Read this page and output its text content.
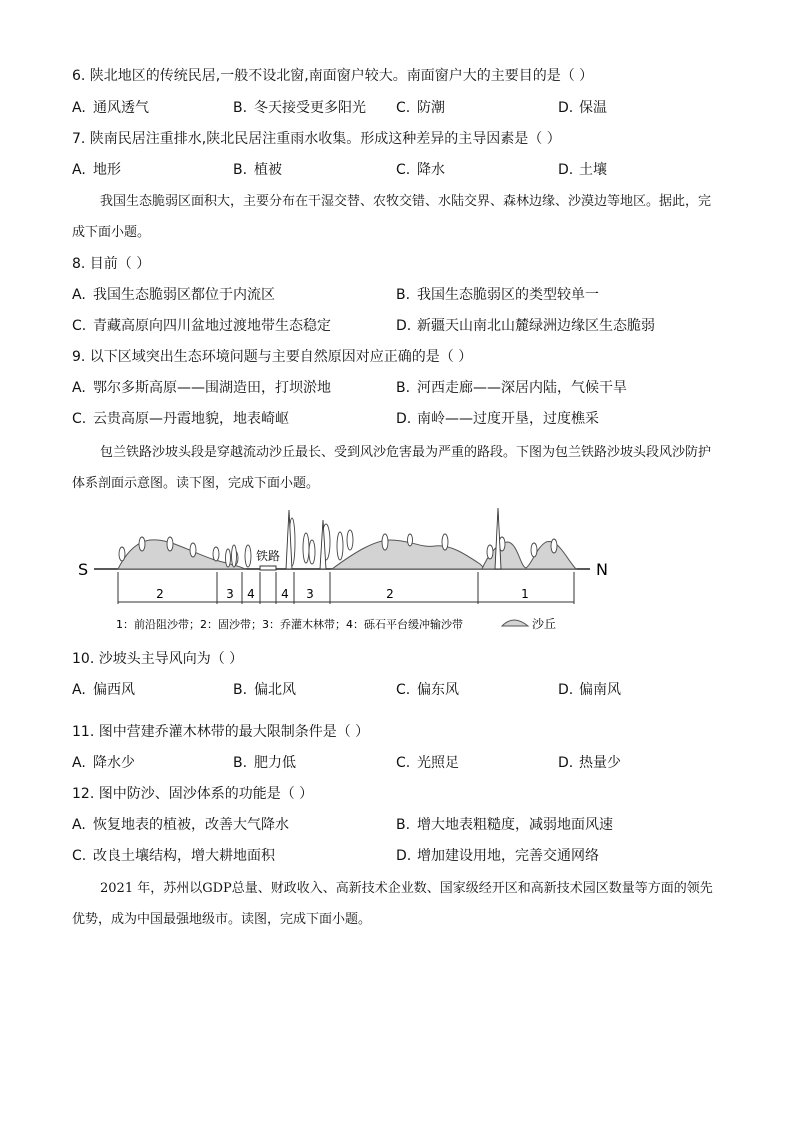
6. 陕北地区的传统民居,一般不设北窗,南面窗户较大。南面窗户大的主要目的是（ ）
A. 通风透气	B. 冬天接受更多阳光 C. 防潮	D. 保温
7. 陕南民居注重排水,陕北民居注重雨水收集。形成这种差异的主导因素是（ ）
A. 地形	B. 植被	C. 降水	D. 土壤
我国生态脆弱区面积大，主要分布在干湿交替、农牧交错、水陆交界、森林边缘、沙漠边等地区。据此，完成下面小题。
8. 目前（ ）
A. 我国生态脆弱区都位于内流区	B. 我国生态脆弱区的类型较单一
C. 青藏高原向四川盆地过渡地带生态稳定	D. 新疆天山南北山麓绿洲边缘区生态脆弱
9. 以下区域突出生态环境问题与主要自然原因对应正确的是（ ）
A. 鄂尔多斯高原——围湖造田，打坝淤地	B. 河西走廊——深居内陆，气候干旱
C. 云贵高原—丹霞地貌，地表崎岖	D. 南岭——过度开垦，过度樵采
包兰铁路沙坡头段是穿越流动沙丘最长、受到风沙危害最为严重的路段。下图为包兰铁路沙坡头段风沙防护体系剖面示意图。读下图，完成下面小题。
S	N
铁路
2	3 4 4 3	2	1
1：前沿阻沙带；2：固沙带；3：乔灌木林带；4：砾石平台缓冲输沙带	沙丘
10. 沙坡头主导风向为（ ）
A. 偏西风	B. 偏北风	C. 偏东风	D. 偏南风
11. 图中营建乔灌木林带的最大限制条件是（ ）
A. 降水少	B. 肥力低	C. 光照足	D. 热量少
12. 图中防沙、固沙体系的功能是（ ）
A. 恢复地表的植被，改善大气降水	B. 增大地表粗糙度，减弱地面风速
C. 改良土壤结构，增大耕地面积	D. 增加建设用地，完善交通网络
2021 年，苏州以GDP总量、财政收入、高新技术企业数、国家级经开区和高新技术园区数量等方面的领先优势，成为中国最强地级市。读图，完成下面小题。
